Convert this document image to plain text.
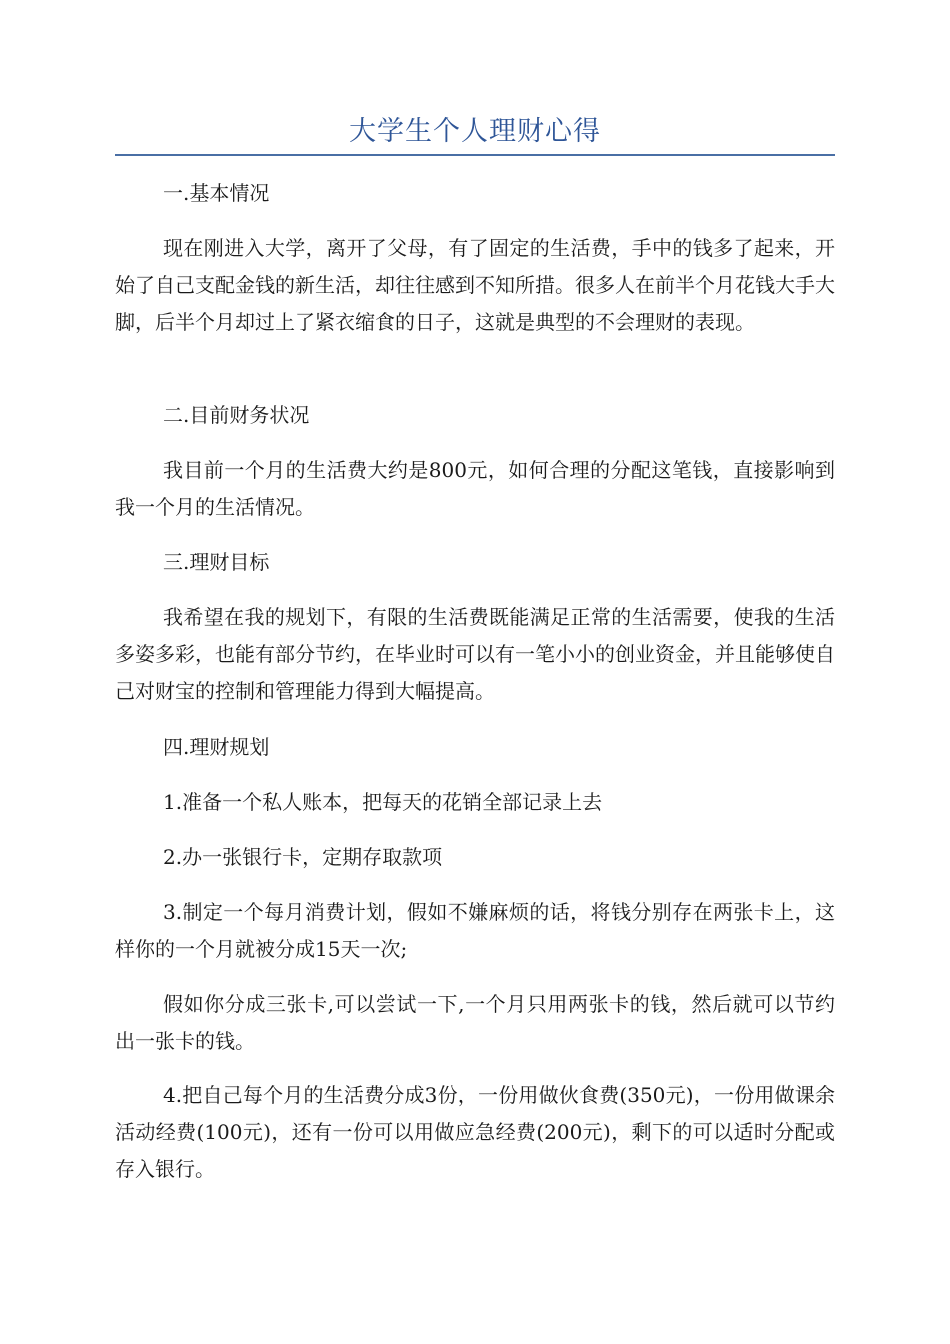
大学生个人理财心得

一.基本情况

现在刚进入大学，离开了父母，有了固定的生活费，手中的钱多了起来，开始了自己支配金钱的新生活，却往往感到不知所措。很多人在前半个月花钱大手大脚，后半个月却过上了紧衣缩食的日子，这就是典型的不会理财的表现。

二.目前财务状况

我目前一个月的生活费大约是800元，如何合理的分配这笔钱，直接影响到我一个月的生活情况。

三.理财目标

我希望在我的规划下，有限的生活费既能满足正常的生活需要，使我的生活多姿多彩，也能有部分节约，在毕业时可以有一笔小小的创业资金，并且能够使自己对财宝的控制和管理能力得到大幅提高。

四.理财规划

1.准备一个私人账本，把每天的花销全部记录上去

2.办一张银行卡，定期存取款项

3.制定一个每月消费计划，假如不嫌麻烦的话，将钱分别存在两张卡上，这样你的一个月就被分成15天一次;

假如你分成三张卡,可以尝试一下,一个月只用两张卡的钱，然后就可以节约出一张卡的钱。

4.把自己每个月的生活费分成3份，一份用做伙食费(350元)，一份用做课余活动经费(100元)，还有一份可以用做应急经费(200元)，剩下的可以适时分配或存入银行。
